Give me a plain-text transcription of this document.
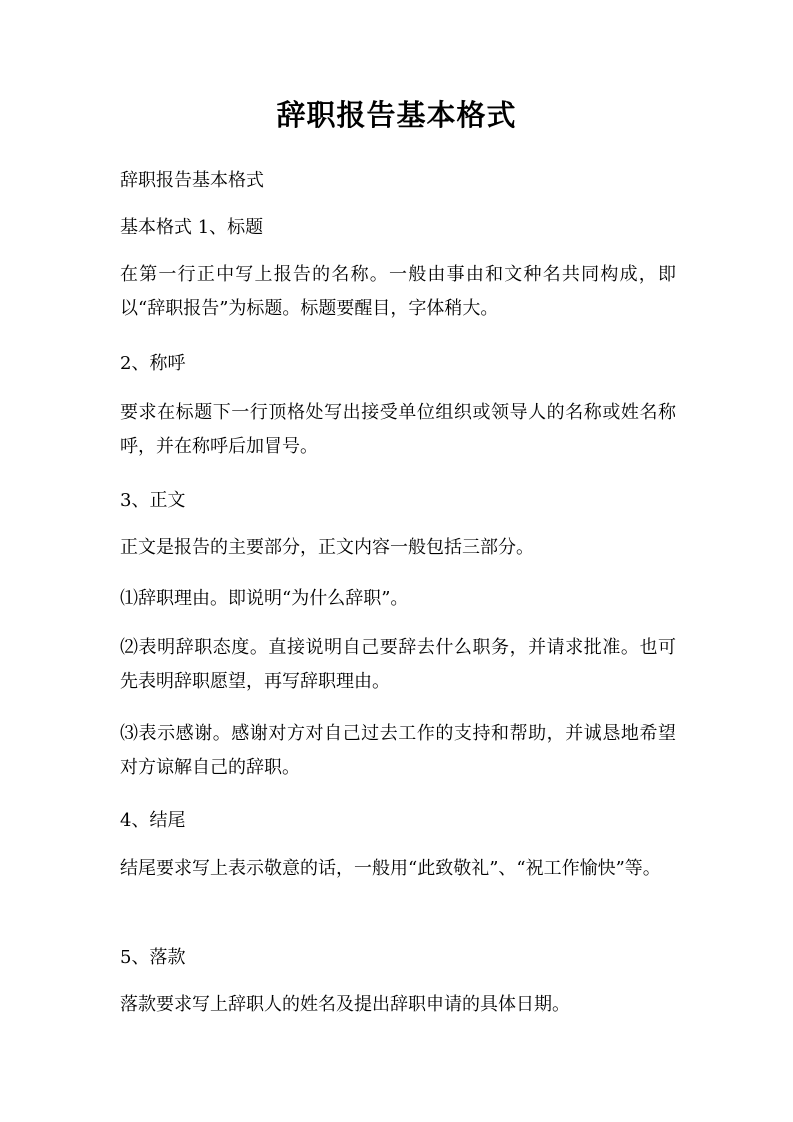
辞职报告基本格式

辞职报告基本格式

基本格式 1、标题

在第一行正中写上报告的名称。一般由事由和文种名共同构成，即以“辞职报告”为标题。标题要醒目，字体稍大。

2、称呼

要求在标题下一行顶格处写出接受单位组织或领导人的名称或姓名称呼，并在称呼后加冒号。

3、正文

正文是报告的主要部分，正文内容一般包括三部分。

⑴辞职理由。即说明“为什么辞职”。

⑵表明辞职态度。直接说明自己要辞去什么职务，并请求批准。也可先表明辞职愿望，再写辞职理由。

⑶表示感谢。感谢对方对自己过去工作的支持和帮助，并诚恳地希望对方谅解自己的辞职。

4、结尾

结尾要求写上表示敬意的话，一般用“此致敬礼”、“祝工作愉快”等。

5、落款

落款要求写上辞职人的姓名及提出辞职申请的具体日期。
